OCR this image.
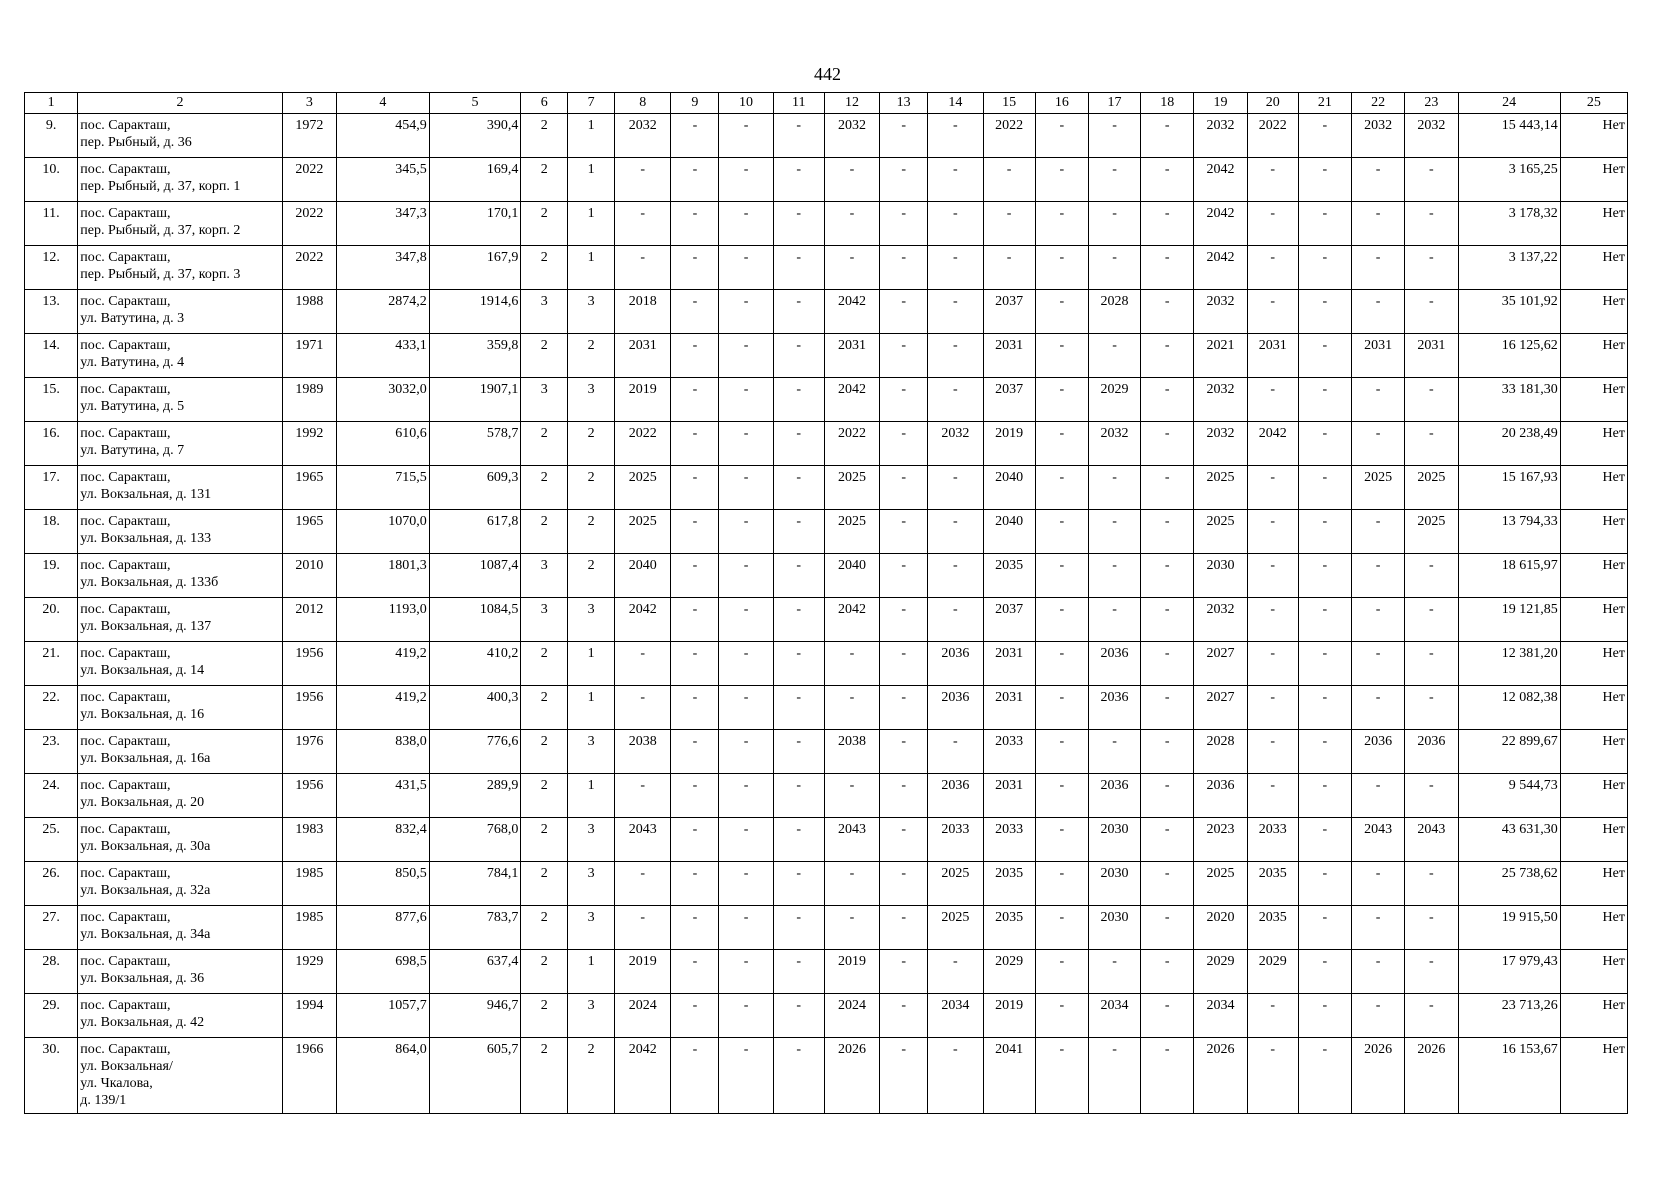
442
1	2	3	4	5	6	7	8	9	10	11	12	13	14	15	16	17	18	19	20	21	22	23	24	25
9.	пос. Саракташ,
пер. Рыбный, д. 36	1972	454,9	390,4	2	1	2032	-	-	-	2032	-	-	2022	-	-	-	2032	2022	-	2032	2032	15 443,14	Нет
10.	пос. Саракташ,
пер. Рыбный, д. 37, корп. 1	2022	345,5	169,4	2	1	-	-	-	-	-	-	-	-	-	-	-	2042	-	-	-	-	3 165,25	Нет
11.	пос. Саракташ,
пер. Рыбный, д. 37, корп. 2	2022	347,3	170,1	2	1	-	-	-	-	-	-	-	-	-	-	-	2042	-	-	-	-	3 178,32	Нет
12.	пос. Саракташ,
пер. Рыбный, д. 37, корп. 3	2022	347,8	167,9	2	1	-	-	-	-	-	-	-	-	-	-	-	2042	-	-	-	-	3 137,22	Нет
13.	пос. Саракташ,
ул. Ватутина, д. 3	1988	2874,2	1914,6	3	3	2018	-	-	-	2042	-	-	2037	-	2028	-	2032	-	-	-	-	35 101,92	Нет
14.	пос. Саракташ,
ул. Ватутина, д. 4	1971	433,1	359,8	2	2	2031	-	-	-	2031	-	-	2031	-	-	-	2021	2031	-	2031	2031	16 125,62	Нет
15.	пос. Саракташ,
ул. Ватутина, д. 5	1989	3032,0	1907,1	3	3	2019	-	-	-	2042	-	-	2037	-	2029	-	2032	-	-	-	-	33 181,30	Нет
16.	пос. Саракташ,
ул. Ватутина, д. 7	1992	610,6	578,7	2	2	2022	-	-	-	2022	-	2032	2019	-	2032	-	2032	2042	-	-	-	20 238,49	Нет
17.	пос. Саракташ,
ул. Вокзальная, д. 131	1965	715,5	609,3	2	2	2025	-	-	-	2025	-	-	2040	-	-	-	2025	-	-	2025	2025	15 167,93	Нет
18.	пос. Саракташ,
ул. Вокзальная, д. 133	1965	1070,0	617,8	2	2	2025	-	-	-	2025	-	-	2040	-	-	-	2025	-	-	-	2025	13 794,33	Нет
19.	пос. Саракташ,
ул. Вокзальная, д. 133б	2010	1801,3	1087,4	3	2	2040	-	-	-	2040	-	-	2035	-	-	-	2030	-	-	-	-	18 615,97	Нет
20.	пос. Саракташ,
ул. Вокзальная, д. 137	2012	1193,0	1084,5	3	3	2042	-	-	-	2042	-	-	2037	-	-	-	2032	-	-	-	-	19 121,85	Нет
21.	пос. Саракташ,
ул. Вокзальная, д. 14	1956	419,2	410,2	2	1	-	-	-	-	-	-	2036	2031	-	2036	-	2027	-	-	-	-	12 381,20	Нет
22.	пос. Саракташ,
ул. Вокзальная, д. 16	1956	419,2	400,3	2	1	-	-	-	-	-	-	2036	2031	-	2036	-	2027	-	-	-	-	12 082,38	Нет
23.	пос. Саракташ,
ул. Вокзальная, д. 16а	1976	838,0	776,6	2	3	2038	-	-	-	2038	-	-	2033	-	-	-	2028	-	-	2036	2036	22 899,67	Нет
24.	пос. Саракташ,
ул. Вокзальная, д. 20	1956	431,5	289,9	2	1	-	-	-	-	-	-	2036	2031	-	2036	-	2036	-	-	-	-	9 544,73	Нет
25.	пос. Саракташ,
ул. Вокзальная, д. 30а	1983	832,4	768,0	2	3	2043	-	-	-	2043	-	2033	2033	-	2030	-	2023	2033	-	2043	2043	43 631,30	Нет
26.	пос. Саракташ,
ул. Вокзальная, д. 32а	1985	850,5	784,1	2	3	-	-	-	-	-	-	2025	2035	-	2030	-	2025	2035	-	-	-	25 738,62	Нет
27.	пос. Саракташ,
ул. Вокзальная, д. 34а	1985	877,6	783,7	2	3	-	-	-	-	-	-	2025	2035	-	2030	-	2020	2035	-	-	-	19 915,50	Нет
28.	пос. Саракташ,
ул. Вокзальная, д. 36	1929	698,5	637,4	2	1	2019	-	-	-	2019	-	-	2029	-	-	-	2029	2029	-	-	-	17 979,43	Нет
29.	пос. Саракташ,
ул. Вокзальная, д. 42	1994	1057,7	946,7	2	3	2024	-	-	-	2024	-	2034	2019	-	2034	-	2034	-	-	-	-	23 713,26	Нет
30.	пос. Саракташ,
ул. Вокзальная/
ул. Чкалова,
д. 139/1	1966	864,0	605,7	2	2	2042	-	-	-	2026	-	-	2041	-	-	-	2026	-	-	2026	2026	16 153,67	Нет
